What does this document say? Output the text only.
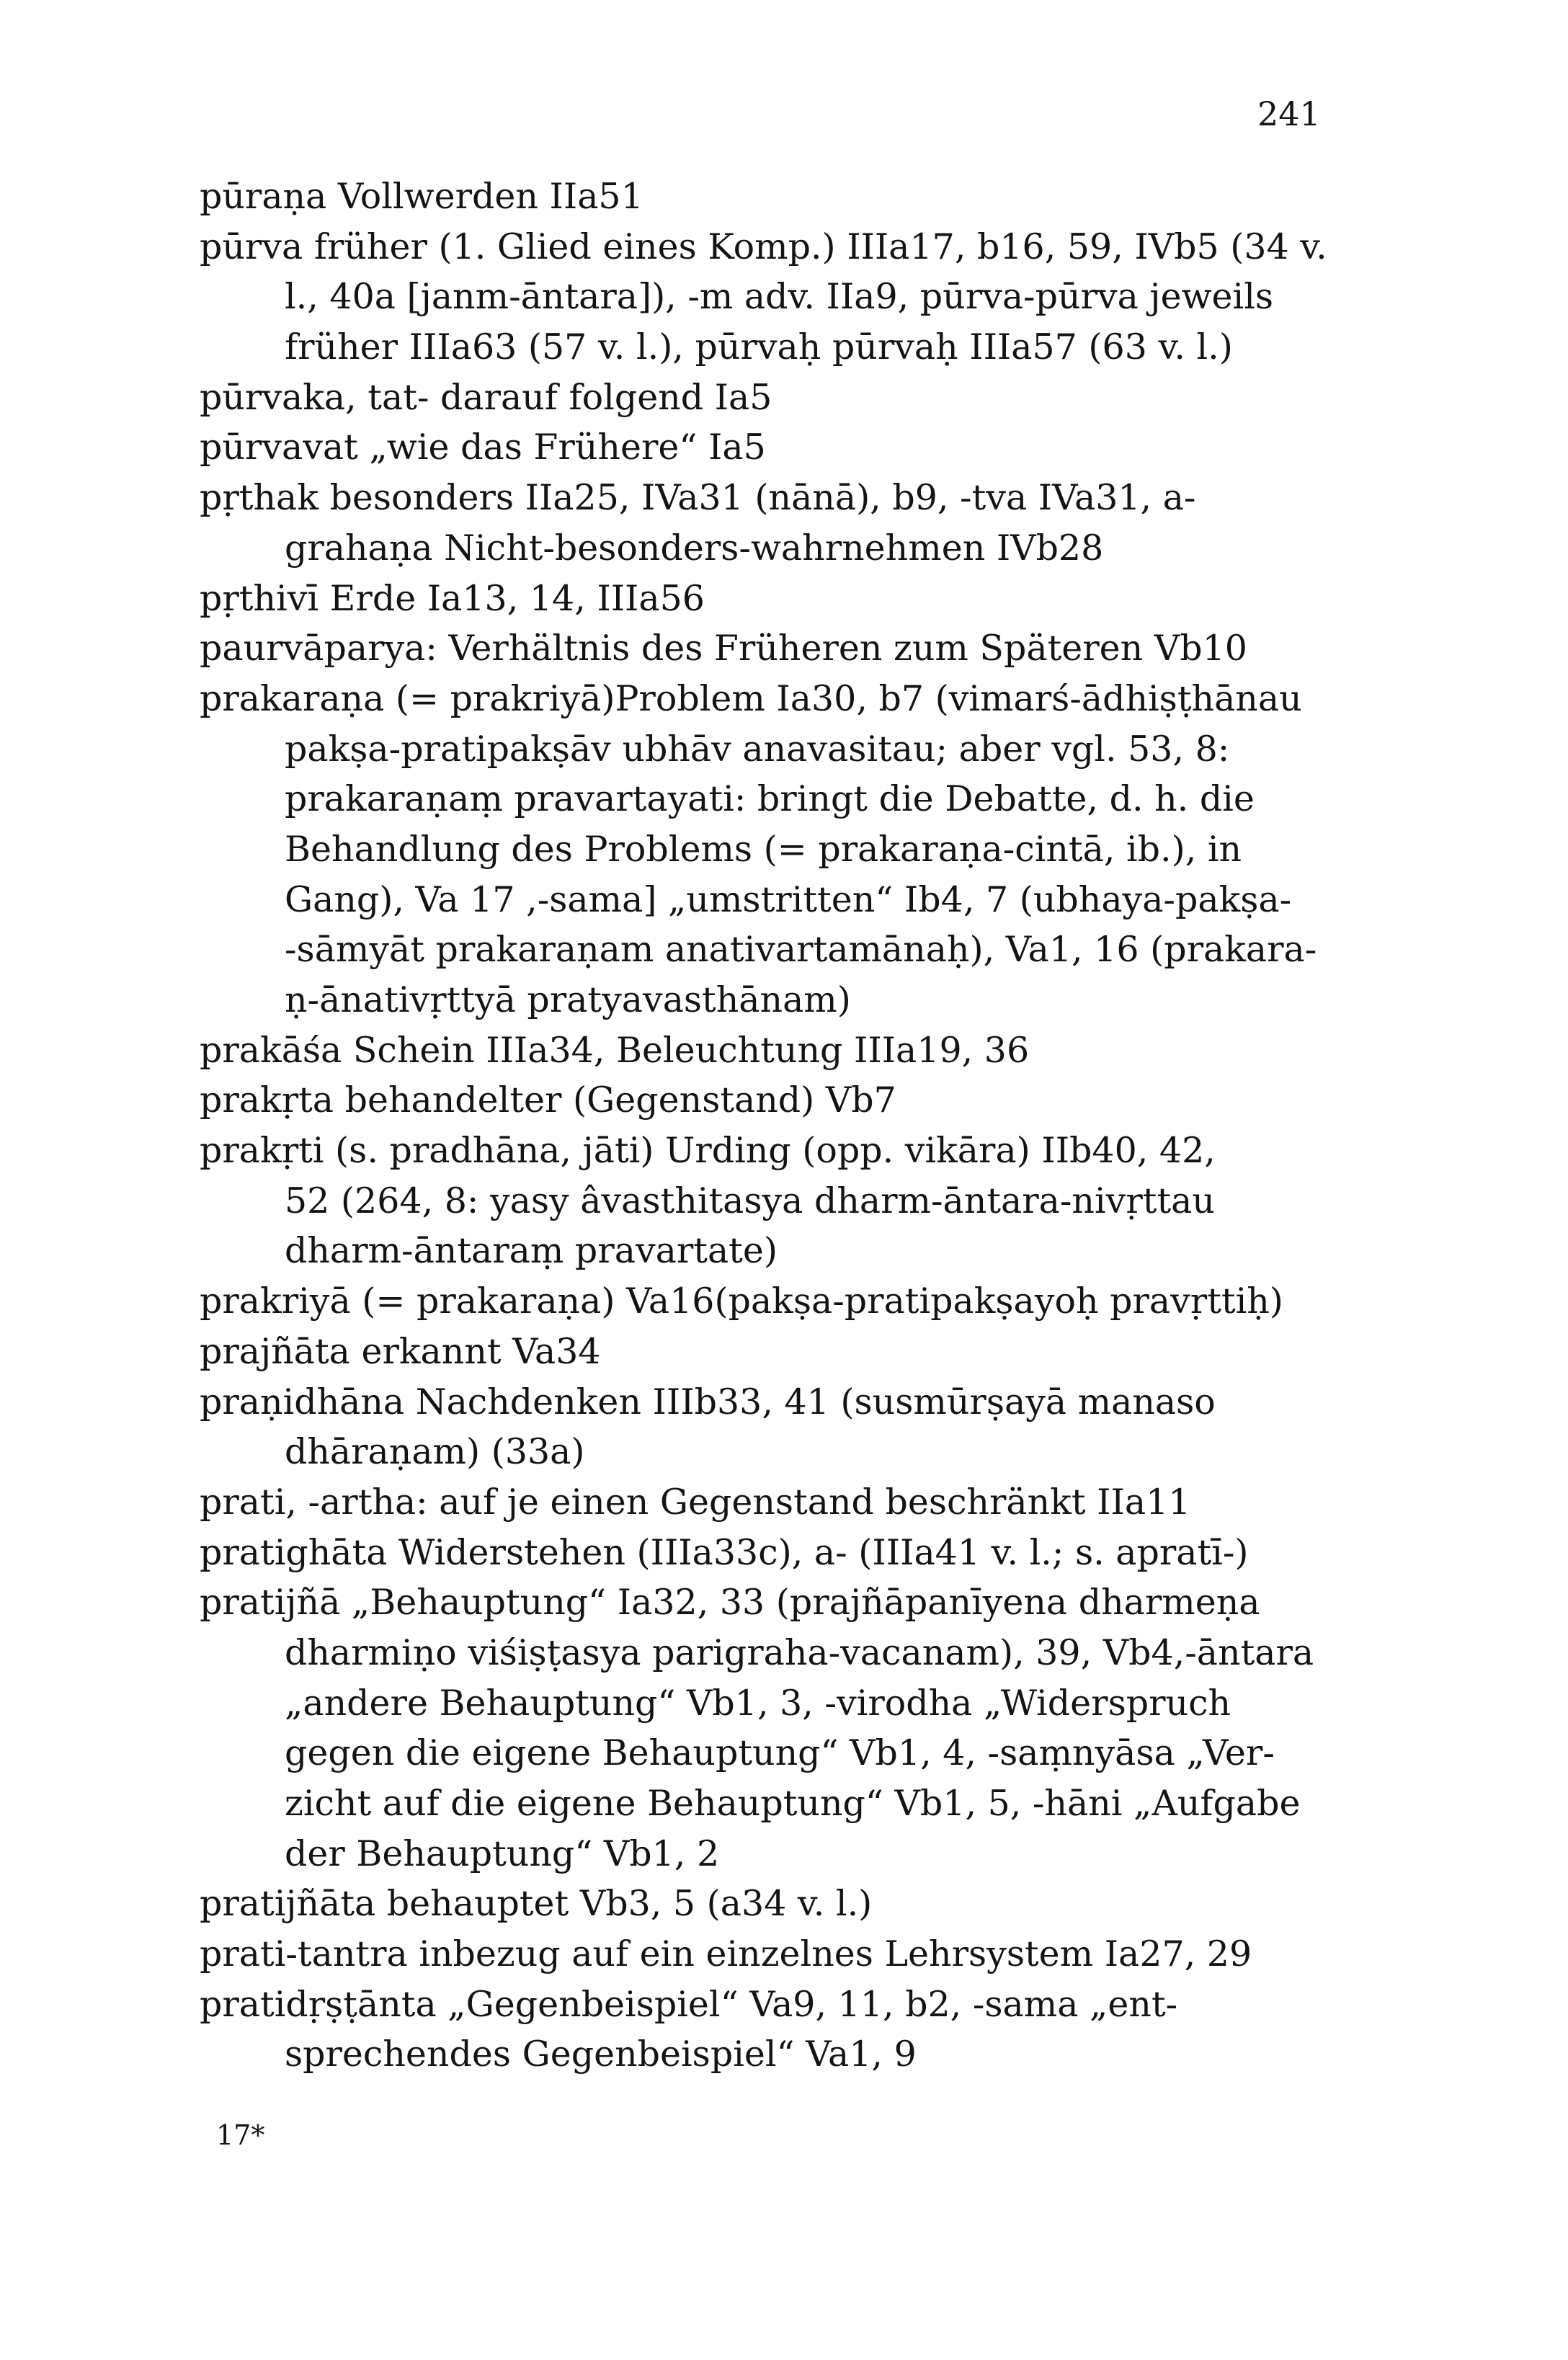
241
pūraṇa Vollwerden IIa51
pūrva früher (1. Glied eines Komp.) IIIa17, b16, 59, IVb5 (34 v.
l., 40a [janm-āntara]), -m adv. IIa9, pūrva-pūrva jeweils
früher IIIa63 (57 v. l.), pūrvaḥ pūrvaḥ IIIa57 (63 v. l.)
pūrvaka, tat- darauf folgend Ia5
pūrvavat „wie das Frühere“ Ia5
pṛthak besonders IIa25, IVa31 (nānā), b9, -tva IVa31, a-
grahaṇa Nicht-besonders-wahrnehmen IVb28
pṛthivī Erde Ia13, 14, IIIa56
paurvāparya: Verhältnis des Früheren zum Späteren Vb10
prakaraṇa (= prakriyā)Problem Ia30, b7 (vimarś-ādhiṣṭhānau
pakṣa-pratipakṣāv ubhāv anavasitau; aber vgl. 53, 8:
prakaraṇaṃ pravartayati: bringt die Debatte, d. h. die
Behandlung des Problems (= prakaraṇa-cintā, ib.), in
Gang), Va 17 ,-sama] „umstritten“ Ib4, 7 (ubhaya-pakṣa-
-sāmyāt prakaraṇam anativartamānaḥ), Va1, 16 (prakara-
ṇ-ānativṛttyā pratyavasthānam)
prakāśa Schein IIIa34, Beleuchtung IIIa19, 36
prakṛta behandelter (Gegenstand) Vb7
prakṛti (s. pradhāna, jāti) Urding (opp. vikāra) IIb40, 42,
52 (264, 8: yasy âvasthitasya dharm-āntara-nivṛttau
dharm-āntaraṃ pravartate)
prakriyā (= prakaraṇa) Va16(pakṣa-pratipakṣayoḥ pravṛttiḥ)
prajñāta erkannt Va34
praṇidhāna Nachdenken IIIb33, 41 (susmūrṣayā manaso
dhāraṇam) (33a)
prati, -artha: auf je einen Gegenstand beschränkt IIa11
pratighāta Widerstehen (IIIa33c), a- (IIIa41 v. l.; s. apratī-)
pratijñā „Behauptung“ Ia32, 33 (prajñāpanīyena dharmeṇa
dharmiṇo viśiṣṭasya parigraha-vacanam), 39, Vb4,-āntara
„andere Behauptung“ Vb1, 3, -virodha „Widerspruch
gegen die eigene Behauptung“ Vb1, 4, -saṃnyāsa „Ver-
zicht auf die eigene Behauptung“ Vb1, 5, -hāni „Aufgabe
der Behauptung“ Vb1, 2
pratijñāta behauptet Vb3, 5 (a34 v. l.)
prati-tantra inbezug auf ein einzelnes Lehrsystem Ia27, 29
pratidṛṣṭānta „Gegenbeispiel“ Va9, 11, b2, -sama „ent-
sprechendes Gegenbeispiel“ Va1, 9
17*
